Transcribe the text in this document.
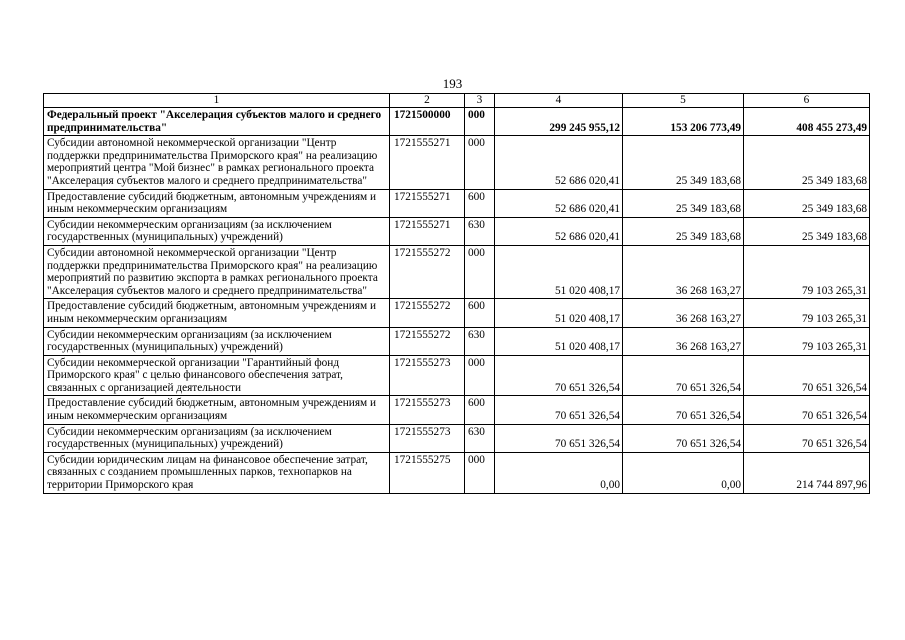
193
1	2	3	4	5	6
Федеральный проект "Акселерация субъектов малого и среднего предпринимательства"	1721500000	000	299 245 955,12	153 206 773,49	408 455 273,49
Субсидии автономной некоммерческой организации "Центр поддержки предпринимательства Приморского края" на реализацию мероприятий центра "Мой бизнес" в рамках регионального проекта "Акселерация субъектов малого и среднего предпринимательства"	1721555271	000	52 686 020,41	25 349 183,68	25 349 183,68
Предоставление субсидий бюджетным, автономным учреждениям и иным некоммерческим организациям	1721555271	600	52 686 020,41	25 349 183,68	25 349 183,68
Субсидии некоммерческим организациям (за исключением государственных (муниципальных) учреждений)	1721555271	630	52 686 020,41	25 349 183,68	25 349 183,68
Субсидии автономной некоммерческой организации "Центр поддержки предпринимательства Приморского края" на реализацию мероприятий по развитию экспорта в рамках регионального проекта "Акселерация субъектов малого и среднего предпринимательства"	1721555272	000	51 020 408,17	36 268 163,27	79 103 265,31
Предоставление субсидий бюджетным, автономным учреждениям и иным некоммерческим организациям	1721555272	600	51 020 408,17	36 268 163,27	79 103 265,31
Субсидии некоммерческим организациям (за исключением государственных (муниципальных) учреждений)	1721555272	630	51 020 408,17	36 268 163,27	79 103 265,31
Субсидии некоммерческой организации "Гарантийный фонд Приморского края" с целью финансового обеспечения затрат, связанных с организацией деятельности	1721555273	000	70 651 326,54	70 651 326,54	70 651 326,54
Предоставление субсидий бюджетным, автономным учреждениям и иным некоммерческим организациям	1721555273	600	70 651 326,54	70 651 326,54	70 651 326,54
Субсидии некоммерческим организациям (за исключением государственных (муниципальных) учреждений)	1721555273	630	70 651 326,54	70 651 326,54	70 651 326,54
Субсидии юридическим лицам на финансовое обеспечение затрат, связанных с созданием промышленных парков, технопарков на территории Приморского края	1721555275	000	0,00	0,00	214 744 897,96
